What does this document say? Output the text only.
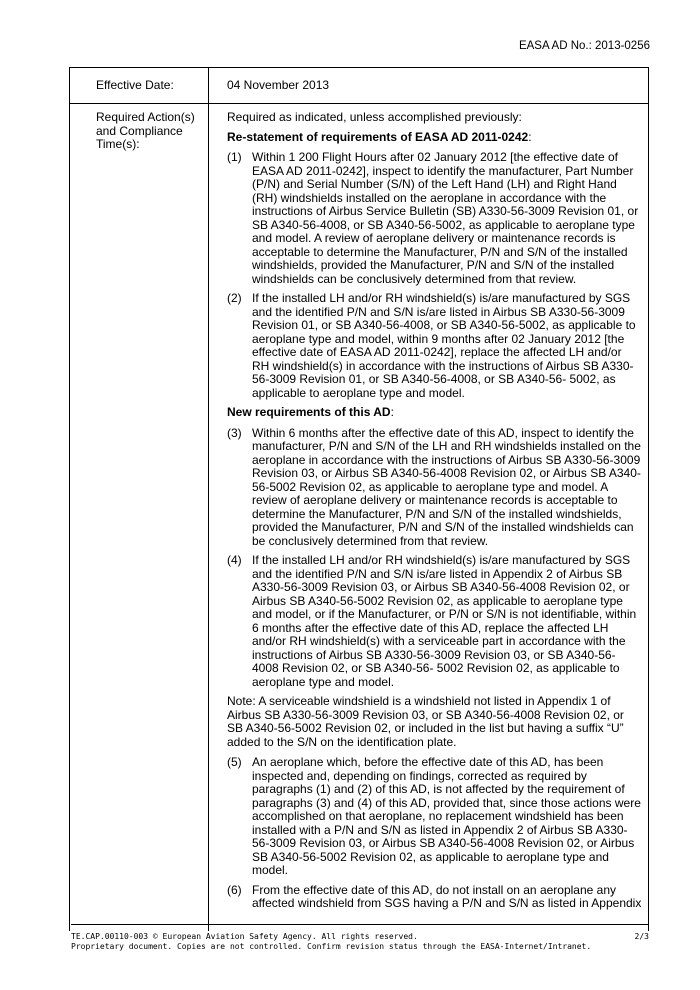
EASA AD No.: 2013-0256
Effective Date:	04 November 2013
Required Action(s) and Compliance Time(s):
Required as indicated, unless accomplished previously:
Re-statement of requirements of EASA AD 2011-0242:
(1) Within 1 200 Flight Hours after 02 January 2012 [the effective date of EASA AD 2011-0242], inspect to identify the manufacturer, Part Number (P/N) and Serial Number (S/N) of the Left Hand (LH) and Right Hand (RH) windshields installed on the aeroplane in accordance with the instructions of Airbus Service Bulletin (SB) A330-56-3009 Revision 01, or SB A340-56-4008, or SB A340-56-5002, as applicable to aeroplane type and model. A review of aeroplane delivery or maintenance records is acceptable to determine the Manufacturer, P/N and S/N of the installed windshields, provided the Manufacturer, P/N and S/N of the installed windshields can be conclusively determined from that review.
(2) If the installed LH and/or RH windshield(s) is/are manufactured by SGS and the identified P/N and S/N is/are listed in Airbus SB A330-56-3009 Revision 01, or SB A340-56-4008, or SB A340-56-5002, as applicable to aeroplane type and model, within 9 months after 02 January 2012 [the effective date of EASA AD 2011-0242], replace the affected LH and/or RH windshield(s) in accordance with the instructions of Airbus SB A330-56-3009 Revision 01, or SB A340-56-4008, or SB A340-56- 5002, as applicable to aeroplane type and model.
New requirements of this AD:
(3) Within 6 months after the effective date of this AD, inspect to identify the manufacturer, P/N and S/N of the LH and RH windshields installed on the aeroplane in accordance with the instructions of Airbus SB A330-56-3009 Revision 03, or Airbus SB A340-56-4008 Revision 02, or Airbus SB A340-56-5002 Revision 02, as applicable to aeroplane type and model. A review of aeroplane delivery or maintenance records is acceptable to determine the Manufacturer, P/N and S/N of the installed windshields, provided the Manufacturer, P/N and S/N of the installed windshields can be conclusively determined from that review.
(4) If the installed LH and/or RH windshield(s) is/are manufactured by SGS and the identified P/N and S/N is/are listed in Appendix 2 of Airbus SB A330-56-3009 Revision 03, or Airbus SB A340-56-4008 Revision 02, or Airbus SB A340-56-5002 Revision 02, as applicable to aeroplane type and model, or if the Manufacturer, or P/N or S/N is not identifiable, within 6 months after the effective date of this AD, replace the affected LH and/or RH windshield(s) with a serviceable part in accordance with the instructions of Airbus SB A330-56-3009 Revision 03, or SB A340-56-4008 Revision 02, or SB A340-56- 5002 Revision 02, as applicable to aeroplane type and model.
Note: A serviceable windshield is a windshield not listed in Appendix 1 of Airbus SB A330-56-3009 Revision 03, or SB A340-56-4008 Revision 02, or SB A340-56-5002 Revision 02, or included in the list but having a suffix “U” added to the S/N on the identification plate.
(5) An aeroplane which, before the effective date of this AD, has been inspected and, depending on findings, corrected as required by paragraphs (1) and (2) of this AD, is not affected by the requirement of paragraphs (3) and (4) of this AD, provided that, since those actions were accomplished on that aeroplane, no replacement windshield has been installed with a P/N and S/N as listed in Appendix 2 of Airbus SB A330-56-3009 Revision 03, or Airbus SB A340-56-4008 Revision 02, or Airbus SB A340-56-5002 Revision 02, as applicable to aeroplane type and model.
(6) From the effective date of this AD, do not install on an aeroplane any affected windshield from SGS having a P/N and S/N as listed in Appendix
TE.CAP.00110-003 © European Aviation Safety Agency. All rights reserved.	2/3
Proprietary document. Copies are not controlled. Confirm revision status through the EASA-Internet/Intranet.
